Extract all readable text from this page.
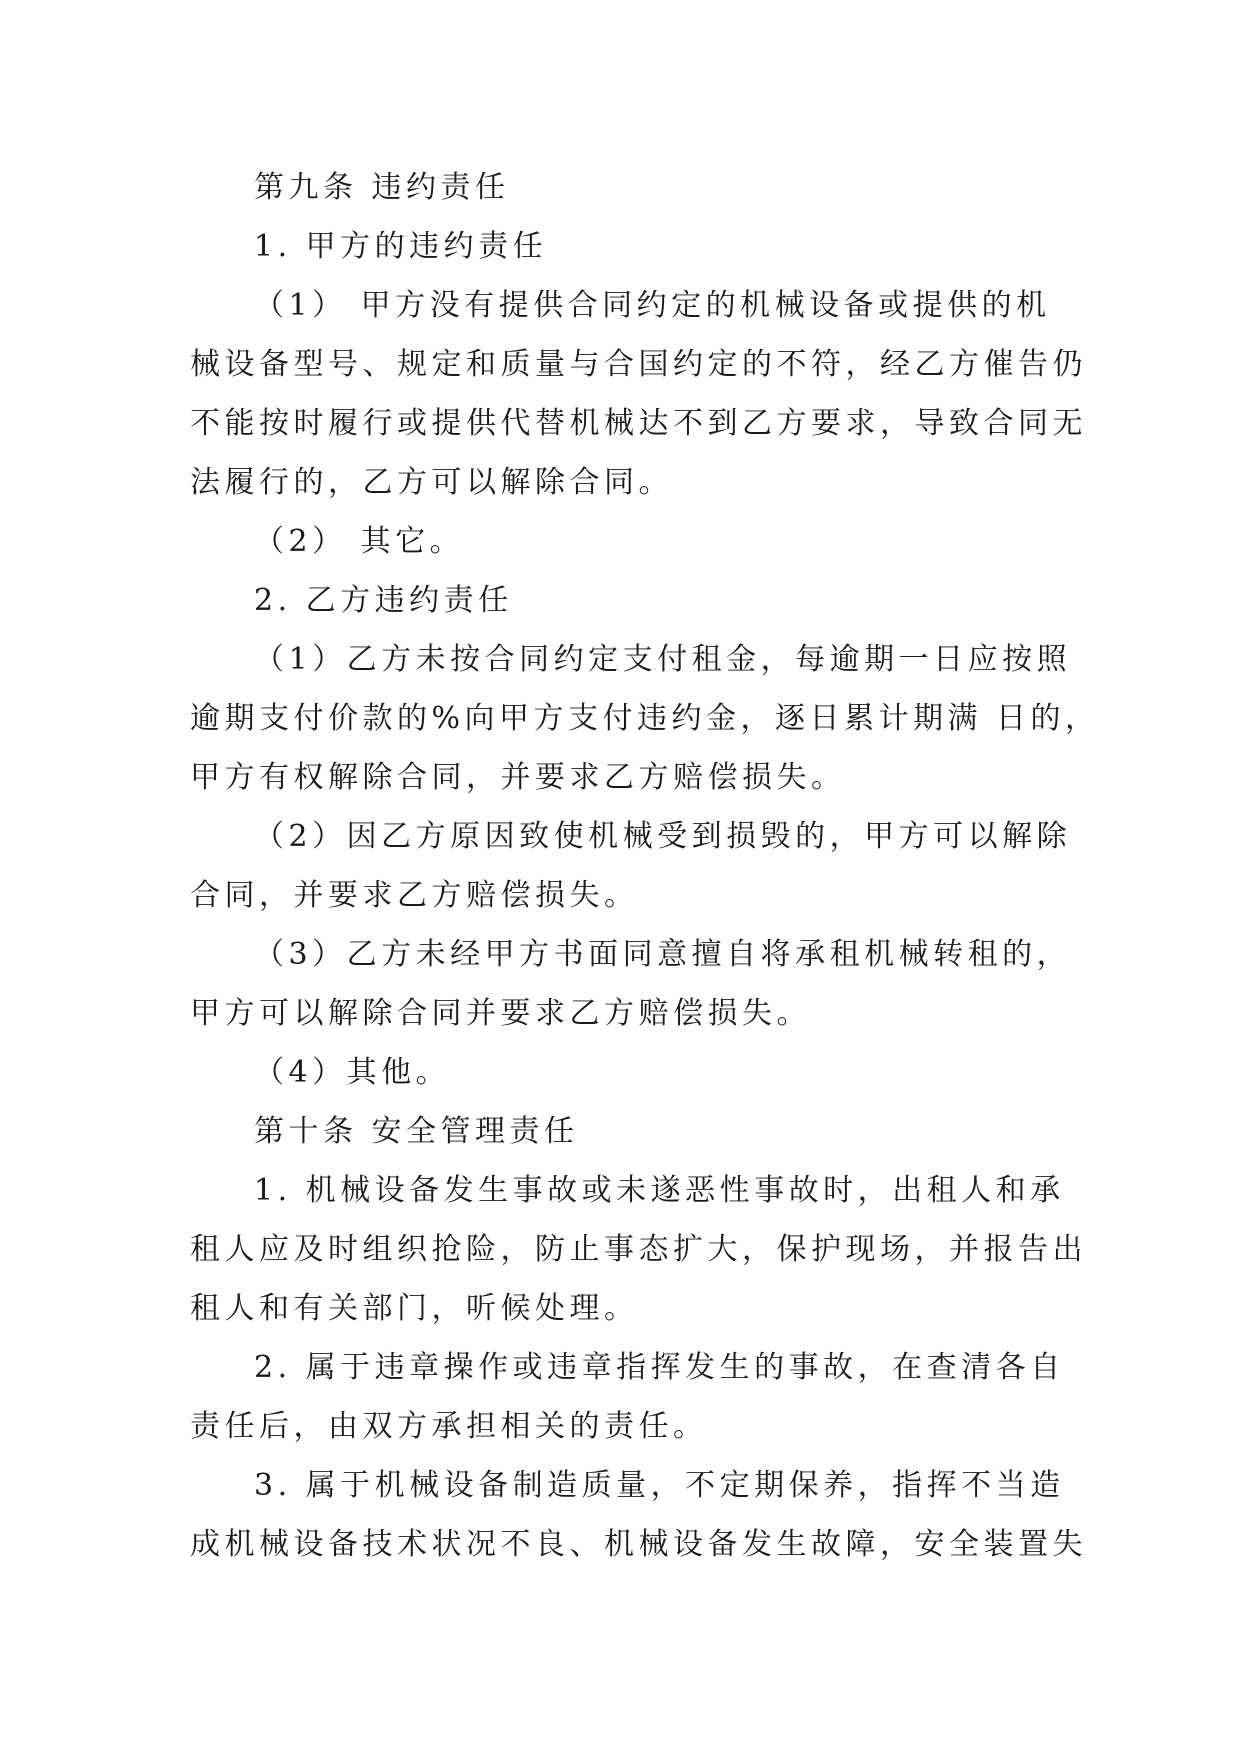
第九条 违约责任
1. 甲方的违约责任
（1） 甲方没有提供合同约定的机械设备或提供的机
械设备型号、规定和质量与合国约定的不符，经乙方催告仍
不能按时履行或提供代替机械达不到乙方要求，导致合同无
法履行的，乙方可以解除合同。
（2） 其它。
2. 乙方违约责任
（1）乙方未按合同约定支付租金，每逾期一日应按照
逾期支付价款的%向甲方支付违约金，逐日累计期满 日的，
甲方有权解除合同，并要求乙方赔偿损失。
（2）因乙方原因致使机械受到损毁的，甲方可以解除
合同，并要求乙方赔偿损失。
（3）乙方未经甲方书面同意擅自将承租机械转租的，
甲方可以解除合同并要求乙方赔偿损失。
（4）其他。
第十条 安全管理责任
1. 机械设备发生事故或未遂恶性事故时，出租人和承
租人应及时组织抢险，防止事态扩大，保护现场，并报告出
租人和有关部门，听候处理。
2. 属于违章操作或违章指挥发生的事故，在查清各自
责任后，由双方承担相关的责任。
3. 属于机械设备制造质量，不定期保养，指挥不当造
成机械设备技术状况不良、机械设备发生故障，安全装置失
